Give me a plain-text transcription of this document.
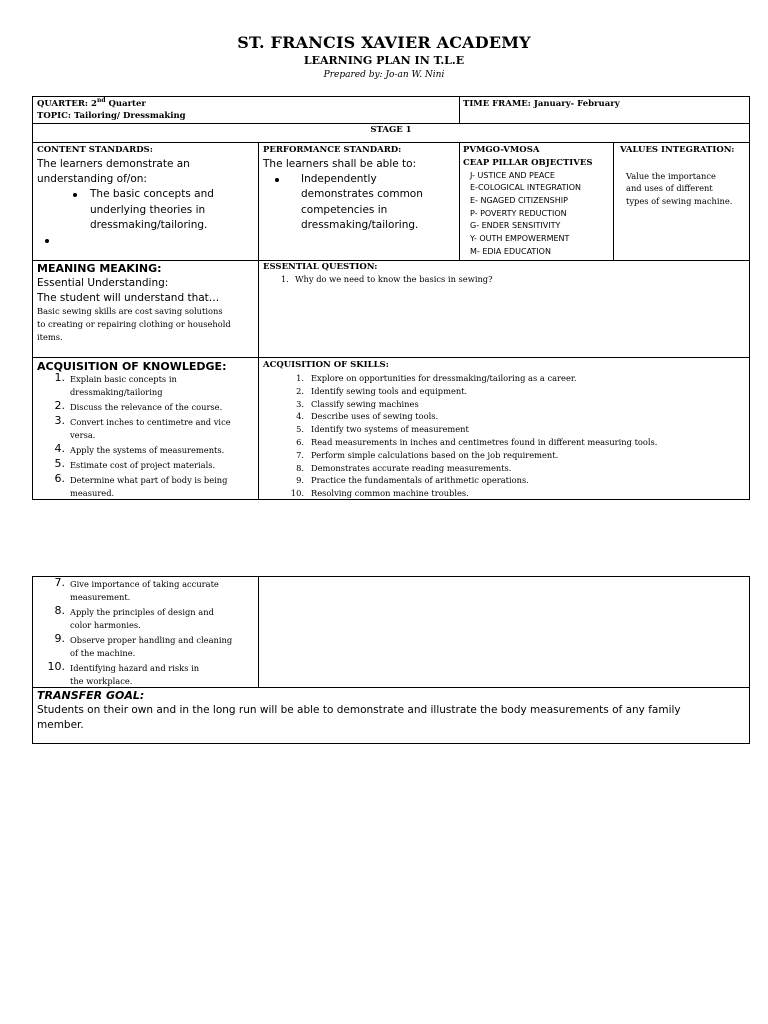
ST. FRANCIS XAVIER ACADEMY
LEARNING PLAN IN T.L.E
Prepared by: Jo-an W. Nini
QUARTER: 2nd Quarter
TOPIC: Tailoring/ Dressmaking
TIME FRAME: January- February
STAGE 1
CONTENT STANDARDS:
The learners demonstrate an
understanding of/on:
The basic concepts and
underlying theories in
dressmaking/tailoring.
PERFORMANCE STANDARD:
The learners shall be able to:
Independently
demonstrates common
competencies in
dressmaking/tailoring.
PVMGO-VMOSA
CEAP PILLAR OBJECTIVES
J- USTICE AND PEACE
E-COLOGICAL INTEGRATION
E- NGAGED CITIZENSHIP
P- POVERTY REDUCTION
G- ENDER SENSITIVITY
Y- OUTH EMPOWERMENT
M- EDIA EDUCATION
VALUES INTEGRATION:
Value the importance
and uses of different
types of sewing machine.
MEANING MEAKING:
Essential Understanding:
The student will understand that…
Basic sewing skills are cost saving solutions
to creating or repairing clothing or household
items.
ESSENTIAL QUESTION:
1. Why do we need to know the basics in sewing?
ACQUISITION OF KNOWLEDGE:
1. Explain basic concepts in
dressmaking/tailoring
2. Discuss the relevance of the course.
3. Convert inches to centimetre and vice
versa.
4. Apply the systems of measurements.
5. Estimate cost of project materials.
6. Determine what part of body is being
measured.
ACQUISITION OF SKILLS:
1. Explore on opportunities for dressmaking/tailoring as a career.
2. Identify sewing tools and equipment.
3. Classify sewing machines
4. Describe uses of sewing tools.
5. Identify two systems of measurement
6. Read measurements in inches and centimetres found in different measuring tools.
7. Perform simple calculations based on the job requirement.
8. Demonstrates accurate reading measurements.
9. Practice the fundamentals of arithmetic operations.
10. Resolving common machine troubles.
7. Give importance of taking accurate
measurement.
8. Apply the principles of design and
color harmonies.
9. Observe proper handling and cleaning
of the machine.
10. Identifying hazard and risks in
the workplace.
TRANSFER GOAL:
Students on their own and in the long run will be able to demonstrate and illustrate the body measurements of any family
member.
